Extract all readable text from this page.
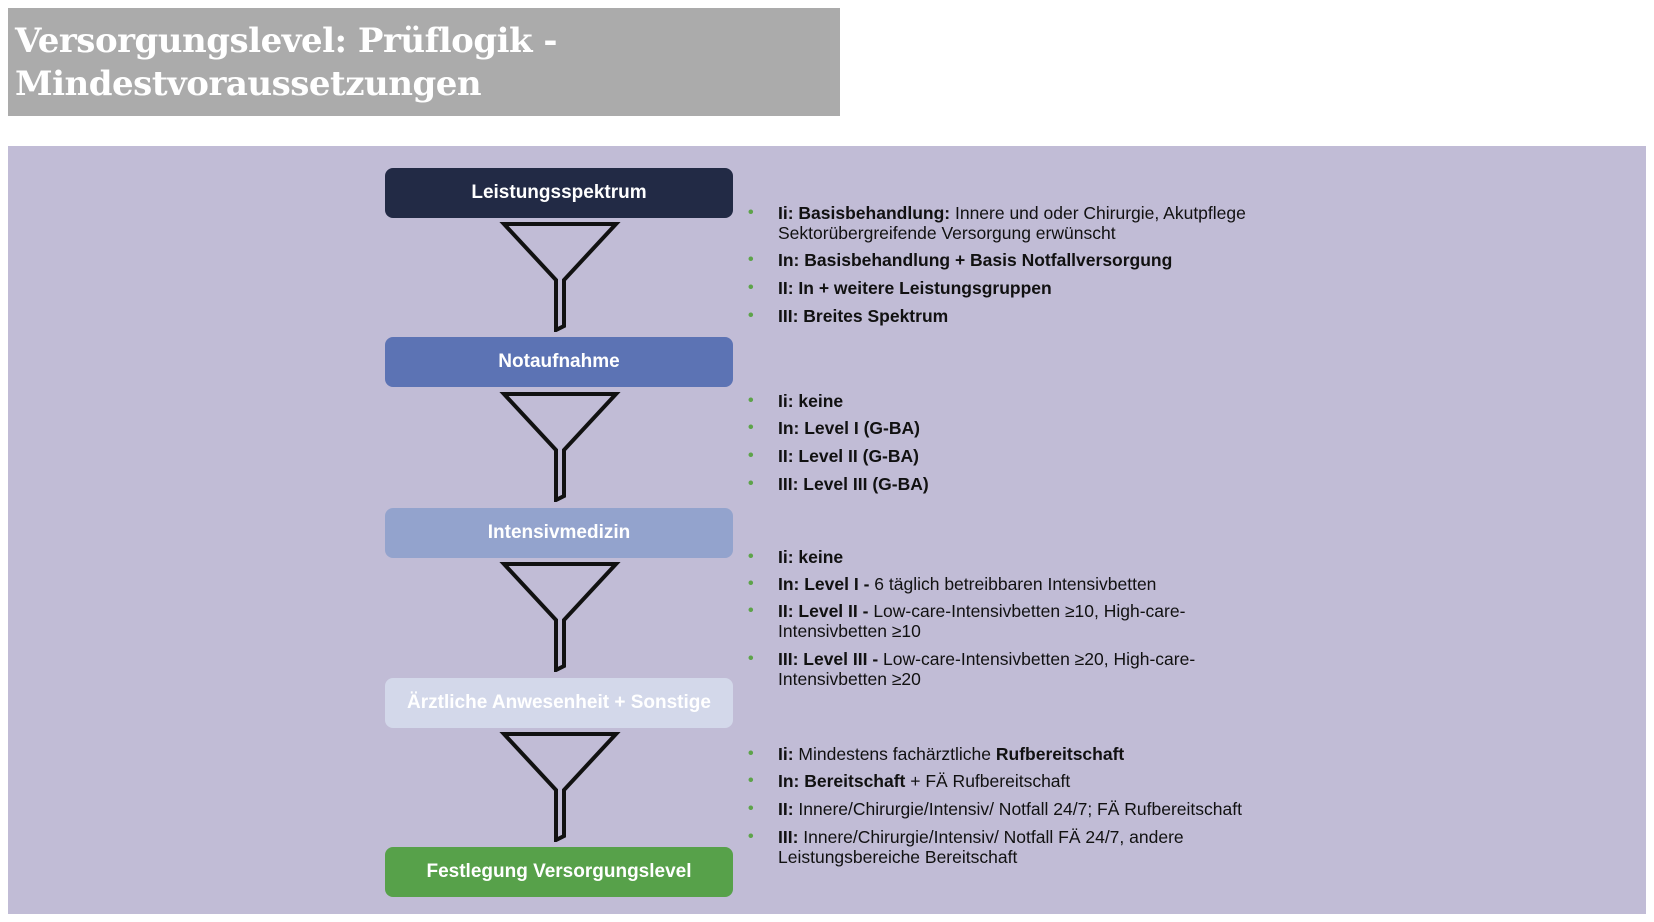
Versorgungslevel: Prüflogik -

Mindestvoraussetzungen

Leistungsspektrum
Notaufnahme
Intensivmedizin
Ärztliche Anwesenheit + Sonstige
Festlegung Versorgungslevel
• Ii: Basisbehandlung: Innere und oder Chirurgie, Akutpflege
Sektorübergreifende Versorgung erwünscht
• In: Basisbehandlung + Basis Notfallversorgung
• II: In + weitere Leistungsgruppen
• III: Breites Spektrum
• Ii: keine
• In: Level I (G-BA)
• II: Level II (G-BA)
• III: Level III (G-BA)
• Ii: keine
• In: Level I - 6 täglich betreibbaren Intensivbetten
• II: Level II - Low-care-Intensivbetten ≥10, High-care-
Intensivbetten ≥10
• III: Level III - Low-care-Intensivbetten ≥20, High-care-
Intensivbetten ≥20
• Ii: Mindestens fachärztliche Rufbereitschaft
• In: Bereitschaft + FÄ Rufbereitschaft
• II: Innere/Chirurgie/Intensiv/ Notfall 24/7; FÄ Rufbereitschaft
• III: Innere/Chirurgie/Intensiv/ Notfall FÄ 24/7, andere
Leistungsbereiche Bereitschaft
